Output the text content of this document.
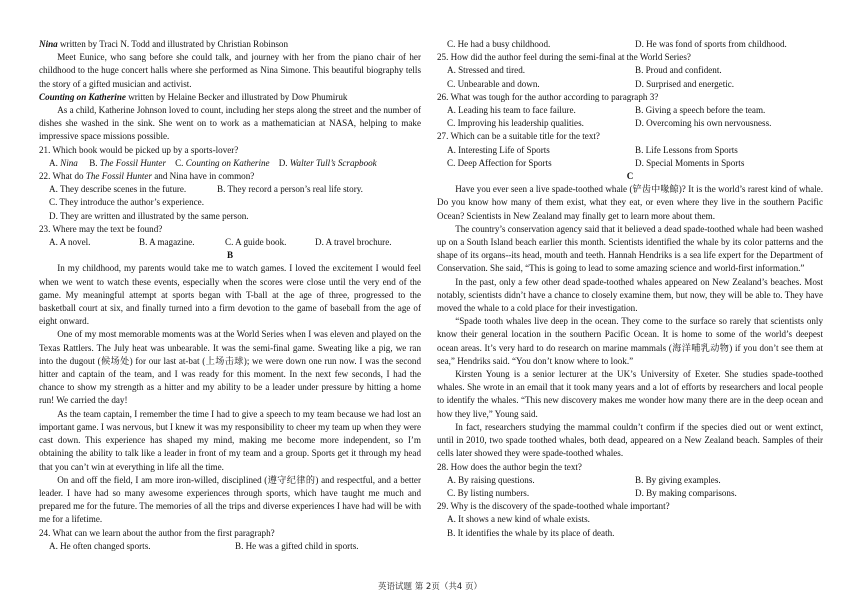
Nina written by Traci N. Todd and illustrated by Christian Robinson

Meet Eunice, who sang before she could talk, and journey with her from the piano chair of her childhood to the huge concert halls where she performed as Nina Simone. This beautiful biography tells the story of a gifted musician and activist.

Counting on Katherine written by Helaine Becker and illustrated by Dow Phumiruk

As a child, Katherine Johnson loved to count, including her steps along the street and the number of dishes she washed in the sink. She went on to work as a mathematician at NASA, helping to make impressive space missions possible.

21. Which book would be picked up by a sports-lover?

A. Nina B. The Fossil Hunter C. Counting on Katherine D. Walter Tull’s Scrapbook

22. What do The Fossil Hunter and Nina have in common?

A. They describe scenes in the future.	B. They record a person’s real life story.

C. They introduce the author’s experience.

D. They are written and illustrated by the same person.

23. Where may the text be found?

A. A novel.	B. A magazine.	C. A guide book.	D. A travel brochure.

B

In my childhood, my parents would take me to watch games. I loved the excitement I would feel when we went to watch these events, especially when the scores were close until the very end of the game. My meaningful attempt at sports began with T-ball at the age of three, progressed to the basketball court at six, and finally turned into a firm devotion to the game of baseball from the age of eight onward.

One of my most memorable moments was at the World Series when I was eleven and played on the Texas Rattlers. The July heat was unbearable. It was the semi-final game. Sweating like a pig, we ran into the dugout (候场处) for our last at-bat (上场击球); we were down one run now. I was the second hitter and captain of the team, and I was ready for this moment. In the next few seconds, I had the chance to show my strength as a hitter and my ability to be a leader under pressure by hitting a home run! We carried the day!

As the team captain, I remember the time I had to give a speech to my team because we had lost an important game. I was nervous, but I knew it was my responsibility to cheer my team up when they were cast down. This experience has shaped my mind, making me become more independent, so I’m obtaining the ability to talk like a leader in front of my team and a group. Sports get it through my head that you can’t win at everything in life all the time.

On and off the field, I am more iron-willed, disciplined (遵守纪律的) and respectful, and a better leader. I have had so many awesome experiences through sports, which have taught me much and prepared me for the future. The memories of all the trips and diverse experiences I have had will be with me for a lifetime.

24. What can we learn about the author from the first paragraph?

A. He often changed sports.	B. He was a gifted child in sports.
C. He had a busy childhood.	D. He was fond of sports from childhood.

25. How did the author feel during the semi-final at the World Series?

A. Stressed and tired.	B. Proud and confident.
C. Unbearable and down.	D. Surprised and energetic.

26. What was tough for the author according to paragraph 3?

A. Leading his team to face failure.	B. Giving a speech before the team.
C. Improving his leadership qualities.	D. Overcoming his own nervousness.

27. Which can be a suitable title for the text?

A. Interesting Life of Sports	B. Life Lessons from Sports
C. Deep Affection for Sports	D. Special Moments in Sports

C

Have you ever seen a live spade-toothed whale (铲齿中喙鲸)? It is the world’s rarest kind of whale. Do you know how many of them exist, what they eat, or even where they live in the southern Pacific Ocean? Scientists in New Zealand may finally get to learn more about them.

The country’s conservation agency said that it believed a dead spade-toothed whale had been washed up on a South Island beach earlier this month. Scientists identified the whale by its color patterns and the shape of its organs--its head, mouth and teeth. Hannah Hendriks is a sea life expert for the Department of Conservation. She said, “This is going to lead to some amazing science and world-first information.”

In the past, only a few other dead spade-toothed whales appeared on New Zealand’s beaches. Most notably, scientists didn’t have a chance to closely examine them, but now, they will be able to. They have moved the whale to a cold place for their investigation.

“Spade tooth whales live deep in the ocean. They come to the surface so rarely that scientists only know their general location in the southern Pacific Ocean. It is home to some of the world’s deepest ocean areas. It’s very hard to do research on marine mammals (海洋哺乳动物) if you don’t see them at sea,” Hendriks said. “You don’t know where to look.”

Kirsten Young is a senior lecturer at the UK’s University of Exeter. She studies spade-toothed whales. She wrote in an email that it took many years and a lot of efforts by researchers and local people to identify the whales. “This new discovery makes me wonder how many there are in the deep ocean and how they live,” Young said.

In fact, researchers studying the mammal couldn’t confirm if the species died out or went extinct, until in 2010, two spade toothed whales, both dead, appeared on a New Zealand beach. Samples of their cells later showed they were spade-toothed whales.

28. How does the author begin the text?

A. By raising questions.	B. By giving examples.
C. By listing numbers.	D. By making comparisons.

29. Why is the discovery of the spade-toothed whale important?

A. It shows a new kind of whale exists.

B. It identifies the whale by its place of death.

英语试题 第 2页（共4 页）
